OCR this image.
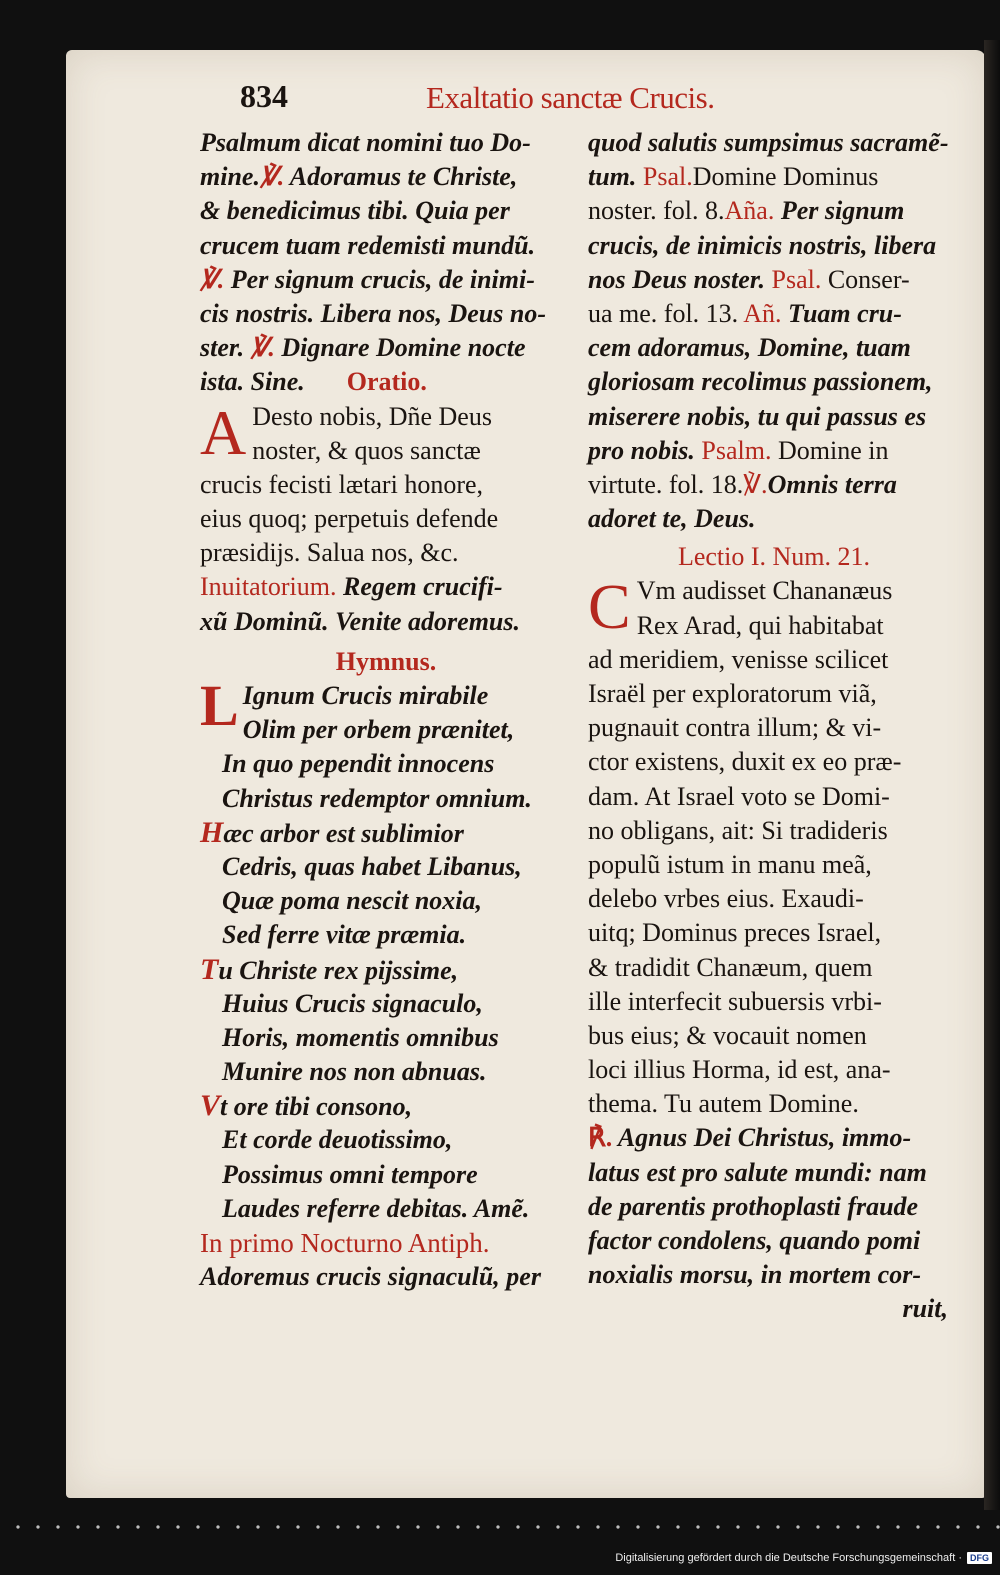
834	Exaltatio sanctæ Crucis.
Psalmum dicat nomini tuo Do-
mine.℣. Adoramus te Christe,
& benedicimus tibi. Quia per
crucem tuam redemisti mundũ.
℣. Per signum crucis, de inimi-
cis nostris. Libera nos, Deus no-
ster. ℣. Dignare Domine nocte
ista. Sine. Oratio.
A Desto nobis, Dñe Deus
noster, & quos sanctæ
crucis fecisti lætari honore,
eius quoq; perpetuis defende
præsidijs. Salua nos, &c.
Inuitatorium. Regem crucifi-
xũ Dominũ. Venite adoremus.
Hymnus.
L Ignum Crucis mirabile
Olim per orbem prænitet,
In quo pependit innocens
Christus redemptor omnium.
Hæc arbor est sublimior
Cedris, quas habet Libanus,
Quæ poma nescit noxia,
Sed ferre vitæ præmia.
Tu Christe rex pijssime,
Huius Crucis signaculo,
Horis, momentis omnibus
Munire nos non abnuas.
Vt ore tibi consono,
Et corde deuotissimo,
Possimus omni tempore
Laudes referre debitas. Amẽ.
In primo Nocturno Antiph.
Adoremus crucis signaculũ, per
quod salutis sumpsimus sacramẽ-
tum. Psal.Domine Dominus
noster. fol. 8.Aña. Per signum
crucis, de inimicis nostris, libera
nos Deus noster. Psal. Conser-
ua me. fol. 13. Añ. Tuam cru-
cem adoramus, Domine, tuam
gloriosam recolimus passionem,
miserere nobis, tu qui passus es
pro nobis. Psalm. Domine in
virtute. fol. 18.℣.Omnis terra
adoret te, Deus.
Lectio I. Num. 21.
C Vm audisset Chananæus
Rex Arad, qui habitabat
ad meridiem, venisse scilicet
Israël per exploratorum viã,
pugnauit contra illum; & vi-
ctor existens, duxit ex eo præ-
dam. At Israel voto se Domi-
no obligans, ait: Si tradideris
populũ istum in manu meã,
delebo vrbes eius. Exaudi-
uitq; Dominus preces Israel,
& tradidit Chanæum, quem
ille interfecit subuersis vrbi-
bus eius; & vocauit nomen
loci illius Horma, id est, ana-
thema. Tu autem Domine.
℟. Agnus Dei Christus, immo-
latus est pro salute mundi: nam
de parentis prothoplasti fraude
factor condolens, quando pomi
noxialis morsu, in mortem cor-
ruit,
Digitalisierung gefördert durch die Deutsche Forschungsgemeinschaft · DFG
